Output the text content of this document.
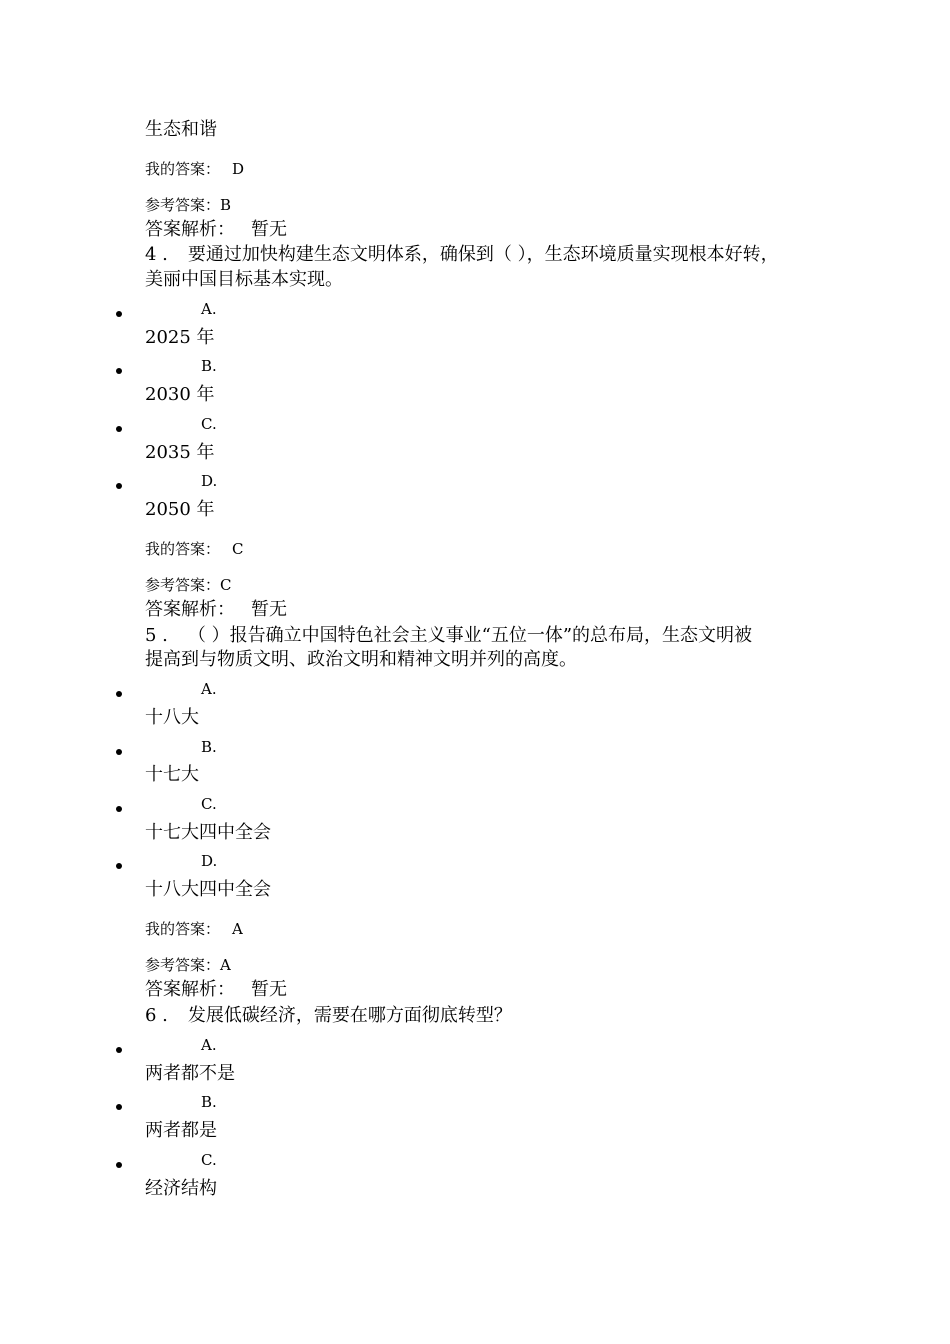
生态和谐
我的答案： D
参考答案：B
答案解析： 暂无
4 . 要通过加快构建生态文明体系，确保到（ ），生态环境质量实现根本好转，
美丽中国目标基本实现。
A.
2025 年
B.
2030 年
C.
2035 年
D.
2050 年
我的答案： C
参考答案：C
答案解析： 暂无
5 . （ ）报告确立中国特色社会主义事业“五位一体”的总布局，生态文明被
提高到与物质文明、政治文明和精神文明并列的高度。
A.
十八大
B.
十七大
C.
十七大四中全会
D.
十八大四中全会
我的答案： A
参考答案：A
答案解析： 暂无
6 . 发展低碳经济，需要在哪方面彻底转型？
A.
两者都不是
B.
两者都是
C.
经济结构
